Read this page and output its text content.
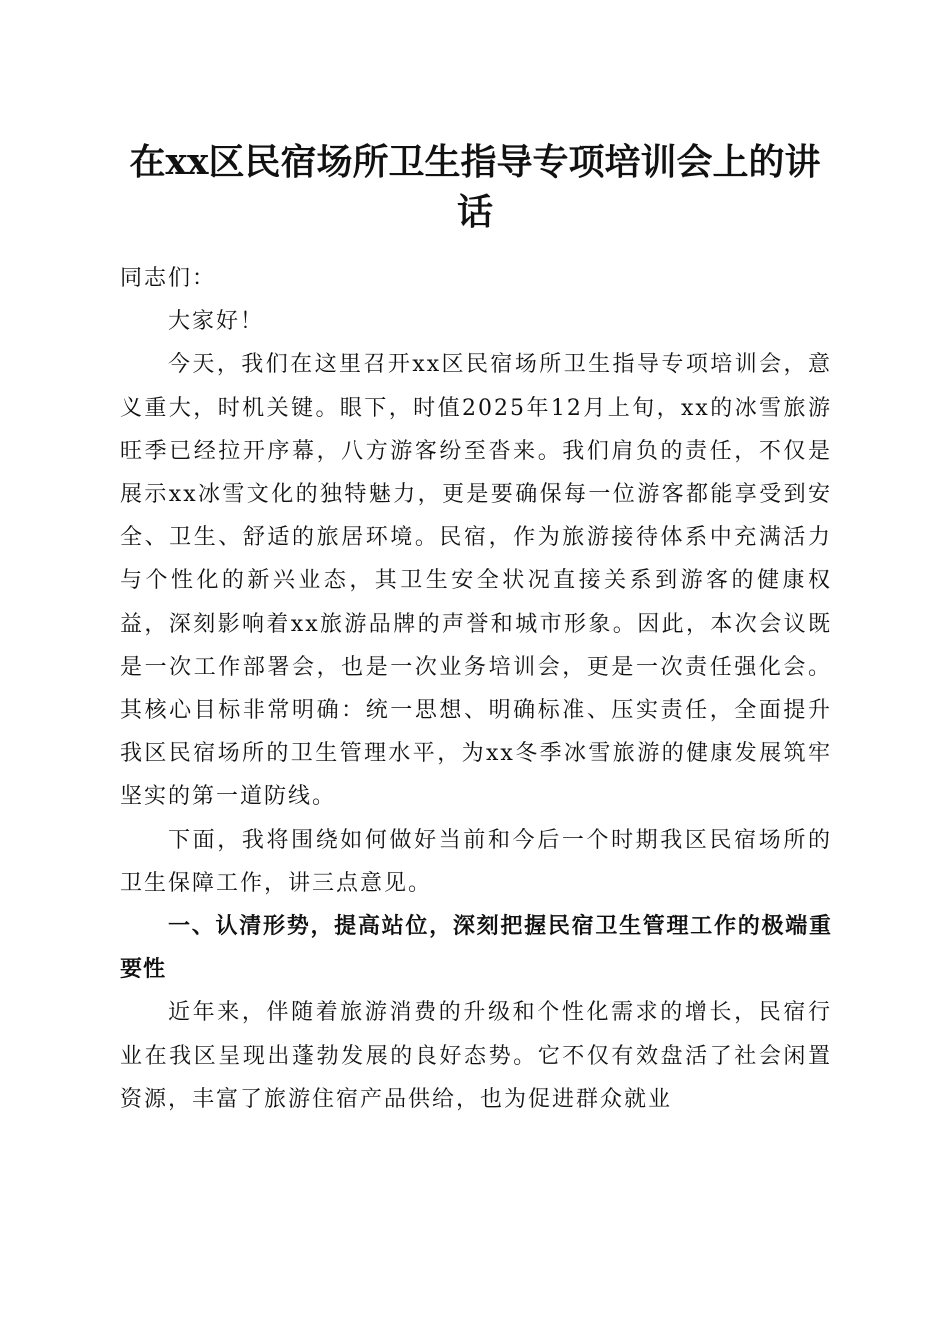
在xx区民宿场所卫生指导专项培训会上的讲话

同志们：

大家好！

今天，我们在这里召开xx区民宿场所卫生指导专项培训会，意义重大，时机关键。眼下，时值2025年12月上旬，xx的冰雪旅游旺季已经拉开序幕，八方游客纷至沓来。我们肩负的责任，不仅是展示xx冰雪文化的独特魅力，更是要确保每一位游客都能享受到安全、卫生、舒适的旅居环境。民宿，作为旅游接待体系中充满活力与个性化的新兴业态，其卫生安全状况直接关系到游客的健康权益，深刻影响着xx旅游品牌的声誉和城市形象。因此，本次会议既是一次工作部署会，也是一次业务培训会，更是一次责任强化会。其核心目标非常明确：统一思想、明确标准、压实责任，全面提升我区民宿场所的卫生管理水平，为xx冬季冰雪旅游的健康发展筑牢坚实的第一道防线。

下面，我将围绕如何做好当前和今后一个时期我区民宿场所的卫生保障工作，讲三点意见。

一、认清形势，提高站位，深刻把握民宿卫生管理工作的极端重要性

近年来，伴随着旅游消费的升级和个性化需求的增长，民宿行业在我区呈现出蓬勃发展的良好态势。它不仅有效盘活了社会闲置资源，丰富了旅游住宿产品供给，也为促进群众就业
